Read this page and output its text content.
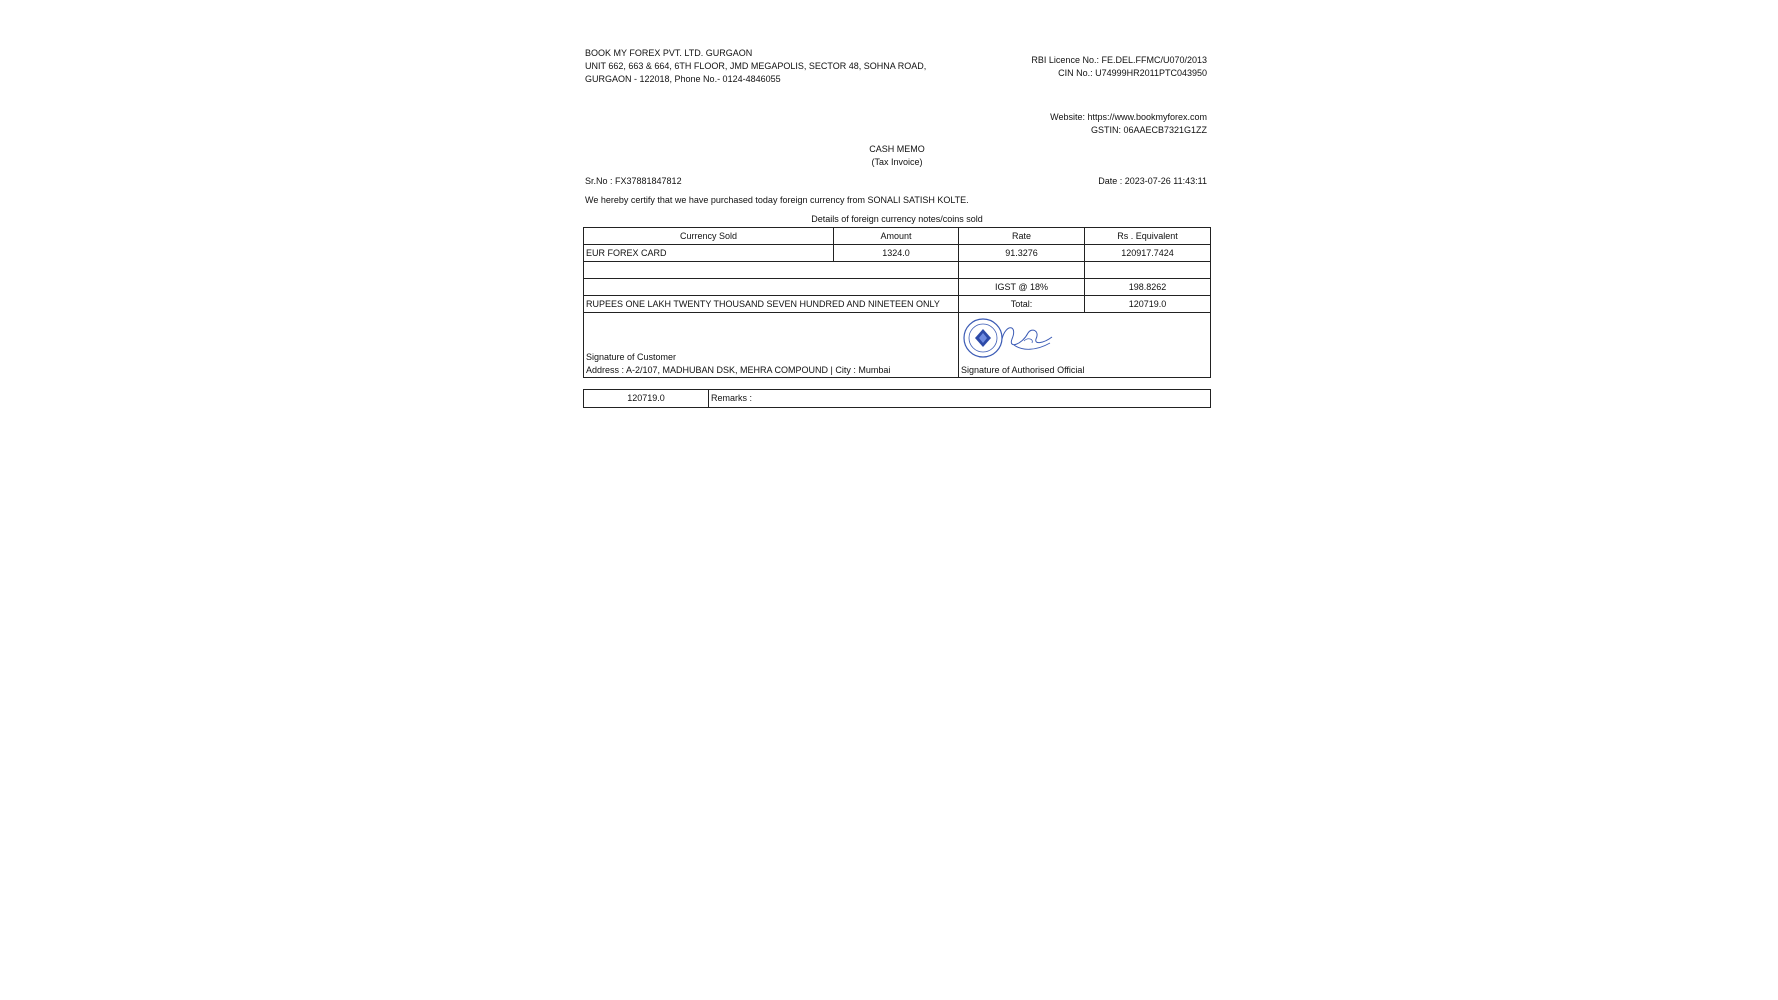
BOOK MY FOREX PVT. LTD. GURGAON
UNIT 662, 663 & 664, 6TH FLOOR, JMD MEGAPOLIS, SECTOR 48, SOHNA ROAD,
GURGAON - 122018, Phone No.- 0124-4846055
RBI Licence No.: FE.DEL.FFMC/U070/2013
CIN No.: U74999HR2011PTC043950
Website: https://www.bookmyforex.com
GSTIN: 06AAECB7321G1ZZ
CASH MEMO
(Tax Invoice)
Sr.No : FX37881847812	Date : 2023-07-26 11:43:11
We hereby certify that we have purchased today foreign currency from SONALI SATISH KOLTE.
Details of foreign currency notes/coins sold
Currency Sold	Amount	Rate	Rs . Equivalent
EUR FOREX CARD	1324.0	91.3276	120917.7424

		IGST @ 18%	198.8262
RUPEES ONE LAKH TWENTY THOUSAND SEVEN HUNDRED AND NINETEEN ONLY		Total:	120719.0

Signature of Customer
Address : A-2/107, MADHUBAN DSK, MEHRA COMPOUND | City : Mumbai		Signature of Authorised Official	
120719.0	Remarks :
